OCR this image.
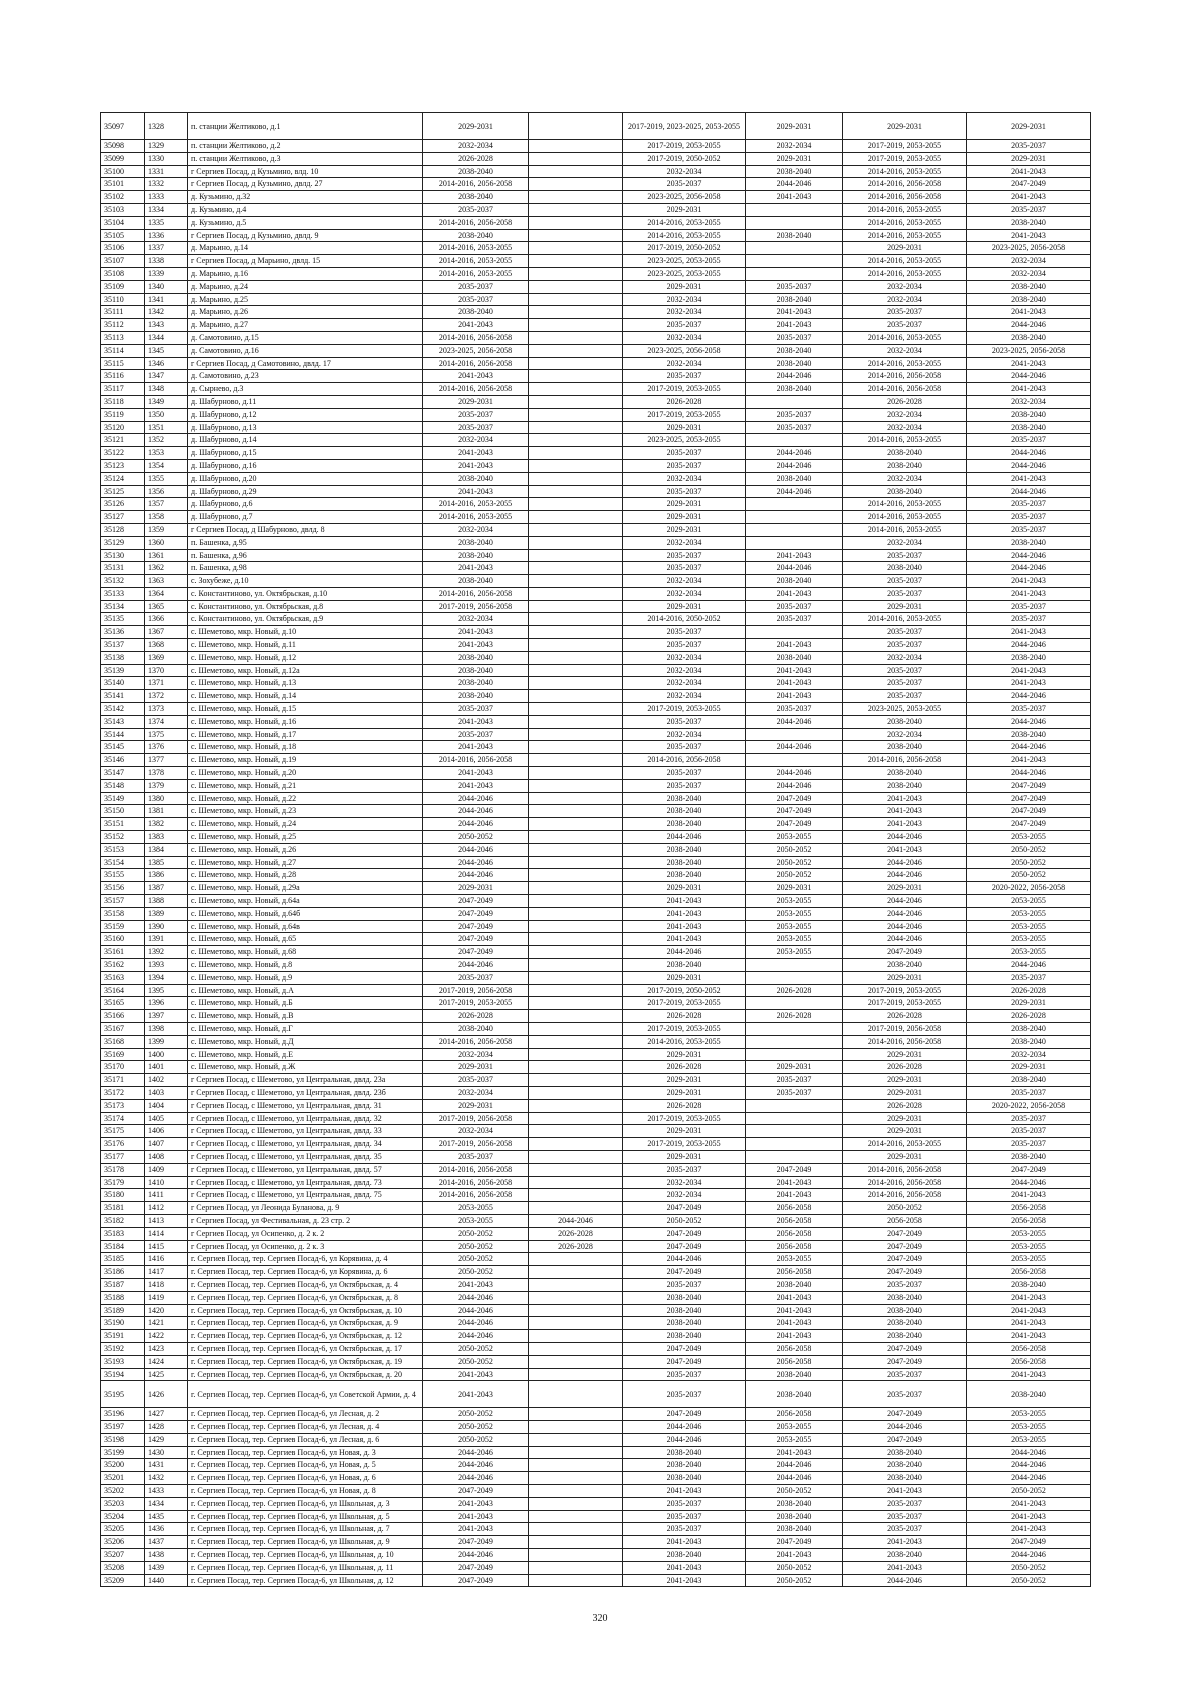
35097	1328	п. станции Желтиково, д.1	2029-2031		2017-2019, 2023-2025, 2053-2055	2029-2031	2029-2031	2029-2031
35098	1329	п. станции Желтиково, д.2	2032-2034		2017-2019, 2053-2055	2032-2034	2017-2019, 2053-2055	2035-2037
35099	1330	п. станции Желтиково, д.3	2026-2028		2017-2019, 2050-2052	2029-2031	2017-2019, 2053-2055	2029-2031
35100	1331	г Сергиев Посад, д Кузьмино, влд. 10	2038-2040		2032-2034	2038-2040	2014-2016, 2053-2055	2041-2043
35101	1332	г Сергиев Посад, д Кузьмино, двлд. 27	2014-2016, 2056-2058		2035-2037	2044-2046	2014-2016, 2056-2058	2047-2049
35102	1333	д. Кузьмино, д.32	2038-2040		2023-2025, 2056-2058	2041-2043	2014-2016, 2056-2058	2041-2043
35103	1334	д. Кузьмино, д.4	2035-2037		2029-2031		2014-2016, 2053-2055	2035-2037
35104	1335	д. Кузьмино, д.5	2014-2016, 2056-2058		2014-2016, 2053-2055		2014-2016, 2053-2055	2038-2040
35105	1336	г Сергиев Посад, д Кузьмино, двлд. 9	2038-2040		2014-2016, 2053-2055	2038-2040	2014-2016, 2053-2055	2041-2043
35106	1337	д. Марьино, д.14	2014-2016, 2053-2055		2017-2019, 2050-2052		2029-2031	2023-2025, 2056-2058
35107	1338	г Сергиев Посад, д Марьино, двлд. 15	2014-2016, 2053-2055		2023-2025, 2053-2055		2014-2016, 2053-2055	2032-2034
35108	1339	д. Марьино, д.16	2014-2016, 2053-2055		2023-2025, 2053-2055		2014-2016, 2053-2055	2032-2034
35109	1340	д. Марьино, д.24	2035-2037		2029-2031	2035-2037	2032-2034	2038-2040
35110	1341	д. Марьино, д.25	2035-2037		2032-2034	2038-2040	2032-2034	2038-2040
35111	1342	д. Марьино, д.26	2038-2040		2032-2034	2041-2043	2035-2037	2041-2043
35112	1343	д. Марьино, д.27	2041-2043		2035-2037	2041-2043	2035-2037	2044-2046
35113	1344	д. Самотовино, д.15	2014-2016, 2056-2058		2032-2034	2035-2037	2014-2016, 2053-2055	2038-2040
35114	1345	д. Самотовино, д.16	2023-2025, 2056-2058		2023-2025, 2056-2058	2038-2040	2032-2034	2023-2025, 2056-2058
35115	1346	г Сергиев Посад, д Самотовино, двлд. 17	2014-2016, 2056-2058		2032-2034	2038-2040	2014-2016, 2053-2055	2041-2043
35116	1347	д. Самотовино, д.23	2041-2043		2035-2037	2044-2046	2014-2016, 2056-2058	2044-2046
35117	1348	д. Сырнево, д.3	2014-2016, 2056-2058		2017-2019, 2053-2055	2038-2040	2014-2016, 2056-2058	2041-2043
35118	1349	д. Шабурново, д.11	2029-2031		2026-2028		2026-2028	2032-2034
35119	1350	д. Шабурново, д.12	2035-2037		2017-2019, 2053-2055	2035-2037	2032-2034	2038-2040
35120	1351	д. Шабурново, д.13	2035-2037		2029-2031	2035-2037	2032-2034	2038-2040
35121	1352	д. Шабурново, д.14	2032-2034		2023-2025, 2053-2055		2014-2016, 2053-2055	2035-2037
35122	1353	д. Шабурново, д.15	2041-2043		2035-2037	2044-2046	2038-2040	2044-2046
35123	1354	д. Шабурново, д.16	2041-2043		2035-2037	2044-2046	2038-2040	2044-2046
35124	1355	д. Шабурново, д.20	2038-2040		2032-2034	2038-2040	2032-2034	2041-2043
35125	1356	д. Шабурново, д.29	2041-2043		2035-2037	2044-2046	2038-2040	2044-2046
35126	1357	д. Шабурново, д.6	2014-2016, 2053-2055		2029-2031		2014-2016, 2053-2055	2035-2037
35127	1358	д. Шабурново, д.7	2014-2016, 2053-2055		2029-2031		2014-2016, 2053-2055	2035-2037
35128	1359	г Сергиев Посад, д Шабурново, двлд. 8	2032-2034		2029-2031		2014-2016, 2053-2055	2035-2037
35129	1360	п. Башенка, д.95	2038-2040		2032-2034		2032-2034	2038-2040
35130	1361	п. Башенка, д.96	2038-2040		2035-2037	2041-2043	2035-2037	2044-2046
35131	1362	п. Башенка, д.98	2041-2043		2035-2037	2044-2046	2038-2040	2044-2046
35132	1363	с. Зохубеже, д.10	2038-2040		2032-2034	2038-2040	2035-2037	2041-2043
35133	1364	с. Константиново, ул. Октябрьская, д.10	2014-2016, 2056-2058		2032-2034	2041-2043	2035-2037	2041-2043
35134	1365	с. Константиново, ул. Октябрьская, д.8	2017-2019, 2056-2058		2029-2031	2035-2037	2029-2031	2035-2037
35135	1366	с. Константиново, ул. Октябрьская, д.9	2032-2034		2014-2016, 2050-2052	2035-2037	2014-2016, 2053-2055	2035-2037
35136	1367	с. Шеметово, мкр. Новый, д.10	2041-2043		2035-2037		2035-2037	2041-2043
35137	1368	с. Шеметово, мкр. Новый, д.11	2041-2043		2035-2037	2041-2043	2035-2037	2044-2046
35138	1369	с. Шеметово, мкр. Новый, д.12	2038-2040		2032-2034	2038-2040	2032-2034	2038-2040
35139	1370	с. Шеметово, мкр. Новый, д.12а	2038-2040		2032-2034	2041-2043	2035-2037	2041-2043
35140	1371	с. Шеметово, мкр. Новый, д.13	2038-2040		2032-2034	2041-2043	2035-2037	2041-2043
35141	1372	с. Шеметово, мкр. Новый, д.14	2038-2040		2032-2034	2041-2043	2035-2037	2044-2046
35142	1373	с. Шеметово, мкр. Новый, д.15	2035-2037		2017-2019, 2053-2055	2035-2037	2023-2025, 2053-2055	2035-2037
35143	1374	с. Шеметово, мкр. Новый, д.16	2041-2043		2035-2037	2044-2046	2038-2040	2044-2046
35144	1375	с. Шеметово, мкр. Новый, д.17	2035-2037		2032-2034		2032-2034	2038-2040
35145	1376	с. Шеметово, мкр. Новый, д.18	2041-2043		2035-2037	2044-2046	2038-2040	2044-2046
35146	1377	с. Шеметово, мкр. Новый, д.19	2014-2016, 2056-2058		2014-2016, 2056-2058		2014-2016, 2056-2058	2041-2043
35147	1378	с. Шеметово, мкр. Новый, д.20	2041-2043		2035-2037	2044-2046	2038-2040	2044-2046
35148	1379	с. Шеметово, мкр. Новый, д.21	2041-2043		2035-2037	2044-2046	2038-2040	2047-2049
35149	1380	с. Шеметово, мкр. Новый, д.22	2044-2046		2038-2040	2047-2049	2041-2043	2047-2049
35150	1381	с. Шеметово, мкр. Новый, д.23	2044-2046		2038-2040	2047-2049	2041-2043	2047-2049
35151	1382	с. Шеметово, мкр. Новый, д.24	2044-2046		2038-2040	2047-2049	2041-2043	2047-2049
35152	1383	с. Шеметово, мкр. Новый, д.25	2050-2052		2044-2046	2053-2055	2044-2046	2053-2055
35153	1384	с. Шеметово, мкр. Новый, д.26	2044-2046		2038-2040	2050-2052	2041-2043	2050-2052
35154	1385	с. Шеметово, мкр. Новый, д.27	2044-2046		2038-2040	2050-2052	2044-2046	2050-2052
35155	1386	с. Шеметово, мкр. Новый, д.28	2044-2046		2038-2040	2050-2052	2044-2046	2050-2052
35156	1387	с. Шеметово, мкр. Новый, д.29а	2029-2031		2029-2031	2029-2031	2029-2031	2020-2022, 2056-2058
35157	1388	с. Шеметово, мкр. Новый, д.64а	2047-2049		2041-2043	2053-2055	2044-2046	2053-2055
35158	1389	с. Шеметово, мкр. Новый, д.64б	2047-2049		2041-2043	2053-2055	2044-2046	2053-2055
35159	1390	с. Шеметово, мкр. Новый, д.64в	2047-2049		2041-2043	2053-2055	2044-2046	2053-2055
35160	1391	с. Шеметово, мкр. Новый, д.65	2047-2049		2041-2043	2053-2055	2044-2046	2053-2055
35161	1392	с. Шеметово, мкр. Новый, д.68	2047-2049		2044-2046	2053-2055	2047-2049	2053-2055
35162	1393	с. Шеметово, мкр. Новый, д.8	2044-2046		2038-2040		2038-2040	2044-2046
35163	1394	с. Шеметово, мкр. Новый, д.9	2035-2037		2029-2031		2029-2031	2035-2037
35164	1395	с. Шеметово, мкр. Новый, д.А	2017-2019, 2056-2058		2017-2019, 2050-2052	2026-2028	2017-2019, 2053-2055	2026-2028
35165	1396	с. Шеметово, мкр. Новый, д.Б	2017-2019, 2053-2055		2017-2019, 2053-2055		2017-2019, 2053-2055	2029-2031
35166	1397	с. Шеметово, мкр. Новый, д.В	2026-2028		2026-2028	2026-2028	2026-2028	2026-2028
35167	1398	с. Шеметово, мкр. Новый, д.Г	2038-2040		2017-2019, 2053-2055		2017-2019, 2056-2058	2038-2040
35168	1399	с. Шеметово, мкр. Новый, д.Д	2014-2016, 2056-2058		2014-2016, 2053-2055		2014-2016, 2056-2058	2038-2040
35169	1400	с. Шеметово, мкр. Новый, д.Е	2032-2034		2029-2031		2029-2031	2032-2034
35170	1401	с. Шеметово, мкр. Новый, д.Ж	2029-2031		2026-2028	2029-2031	2026-2028	2029-2031
35171	1402	г Сергиев Посад, с Шеметово, ул Центральная, двлд. 23а	2035-2037		2029-2031	2035-2037	2029-2031	2038-2040
35172	1403	г Сергиев Посад, с Шеметово, ул Центральная, двлд. 23б	2032-2034		2029-2031	2035-2037	2029-2031	2035-2037
35173	1404	г Сергиев Посад, с Шеметово, ул Центральная, двлд. 31	2029-2031		2026-2028		2026-2028	2020-2022, 2056-2058
35174	1405	г Сергиев Посад, с Шеметово, ул Центральная, двлд. 32	2017-2019, 2056-2058		2017-2019, 2053-2055		2029-2031	2035-2037
35175	1406	г Сергиев Посад, с Шеметово, ул Центральная, двлд. 33	2032-2034		2029-2031		2029-2031	2035-2037
35176	1407	г Сергиев Посад, с Шеметово, ул Центральная, двлд. 34	2017-2019, 2056-2058		2017-2019, 2053-2055		2014-2016, 2053-2055	2035-2037
35177	1408	г Сергиев Посад, с Шеметово, ул Центральная, двлд. 35	2035-2037		2029-2031		2029-2031	2038-2040
35178	1409	г Сергиев Посад, с Шеметово, ул Центральная, двлд. 57	2014-2016, 2056-2058		2035-2037	2047-2049	2014-2016, 2056-2058	2047-2049
35179	1410	г Сергиев Посад, с Шеметово, ул Центральная, двлд. 73	2014-2016, 2056-2058		2032-2034	2041-2043	2014-2016, 2056-2058	2044-2046
35180	1411	г Сергиев Посад, с Шеметово, ул Центральная, двлд. 75	2014-2016, 2056-2058		2032-2034	2041-2043	2014-2016, 2056-2058	2041-2043
35181	1412	г Сергиев Посад, ул Леонида Буланова, д. 9	2053-2055		2047-2049	2056-2058	2050-2052	2056-2058
35182	1413	г Сергиев Посад, ул Фестивальная, д. 23 стр. 2	2053-2055	2044-2046	2050-2052	2056-2058	2056-2058	2056-2058
35183	1414	г Сергиев Посад, ул Осипенко, д. 2 к. 2	2050-2052	2026-2028	2047-2049	2056-2058	2047-2049	2053-2055
35184	1415	г Сергиев Посад, ул Осипенко, д. 2 к. 3	2050-2052	2026-2028	2047-2049	2056-2058	2047-2049	2053-2055
35185	1416	г. Сергиев Посад, тер. Сергиев Посад-6, ул Корявина, д. 4	2050-2052		2044-2046	2053-2055	2047-2049	2053-2055
35186	1417	г. Сергиев Посад, тер. Сергиев Посад-6, ул Корявина, д. 6	2050-2052		2047-2049	2056-2058	2047-2049	2056-2058
35187	1418	г. Сергиев Посад, тер. Сергиев Посад-6, ул Октябрьская, д. 4	2041-2043		2035-2037	2038-2040	2035-2037	2038-2040
35188	1419	г. Сергиев Посад, тер. Сергиев Посад-6, ул Октябрьская, д. 8	2044-2046		2038-2040	2041-2043	2038-2040	2041-2043
35189	1420	г. Сергиев Посад, тер. Сергиев Посад-6, ул Октябрьская, д. 10	2044-2046		2038-2040	2041-2043	2038-2040	2041-2043
35190	1421	г. Сергиев Посад, тер. Сергиев Посад-6, ул Октябрьская, д. 9	2044-2046		2038-2040	2041-2043	2038-2040	2041-2043
35191	1422	г. Сергиев Посад, тер. Сергиев Посад-6, ул Октябрьская, д. 12	2044-2046		2038-2040	2041-2043	2038-2040	2041-2043
35192	1423	г. Сергиев Посад, тер. Сергиев Посад-6, ул Октябрьская, д. 17	2050-2052		2047-2049	2056-2058	2047-2049	2056-2058
35193	1424	г. Сергиев Посад, тер. Сергиев Посад-6, ул Октябрьская, д. 19	2050-2052		2047-2049	2056-2058	2047-2049	2056-2058
35194	1425	г. Сергиев Посад, тер. Сергиев Посад-6, ул Октябрьская, д. 20	2041-2043		2035-2037	2038-2040	2035-2037	2041-2043
35195	1426	г. Сергиев Посад, тер. Сергиев Посад-6, ул Советской Армии, д. 4	2041-2043		2035-2037	2038-2040	2035-2037	2038-2040
35196	1427	г. Сергиев Посад, тер. Сергиев Посад-6, ул Лесная, д. 2	2050-2052		2047-2049	2056-2058	2047-2049	2053-2055
35197	1428	г. Сергиев Посад, тер. Сергиев Посад-6, ул Лесная, д. 4	2050-2052		2044-2046	2053-2055	2044-2046	2053-2055
35198	1429	г. Сергиев Посад, тер. Сергиев Посад-6, ул Лесная, д. 6	2050-2052		2044-2046	2053-2055	2047-2049	2053-2055
35199	1430	г. Сергиев Посад, тер. Сергиев Посад-6, ул Новая, д. 3	2044-2046		2038-2040	2041-2043	2038-2040	2044-2046
35200	1431	г. Сергиев Посад, тер. Сергиев Посад-6, ул Новая, д. 5	2044-2046		2038-2040	2044-2046	2038-2040	2044-2046
35201	1432	г. Сергиев Посад, тер. Сергиев Посад-6, ул Новая, д. 6	2044-2046		2038-2040	2044-2046	2038-2040	2044-2046
35202	1433	г. Сергиев Посад, тер. Сергиев Посад-6, ул Новая, д. 8	2047-2049		2041-2043	2050-2052	2041-2043	2050-2052
35203	1434	г. Сергиев Посад, тер. Сергиев Посад-6, ул Школьная, д. 3	2041-2043		2035-2037	2038-2040	2035-2037	2041-2043
35204	1435	г. Сергиев Посад, тер. Сергиев Посад-6, ул Школьная, д. 5	2041-2043		2035-2037	2038-2040	2035-2037	2041-2043
35205	1436	г. Сергиев Посад, тер. Сергиев Посад-6, ул Школьная, д. 7	2041-2043		2035-2037	2038-2040	2035-2037	2041-2043
35206	1437	г. Сергиев Посад, тер. Сергиев Посад-6, ул Школьная, д. 9	2047-2049		2041-2043	2047-2049	2041-2043	2047-2049
35207	1438	г. Сергиев Посад, тер. Сергиев Посад-6, ул Школьная, д. 10	2044-2046		2038-2040	2041-2043	2038-2040	2044-2046
35208	1439	г. Сергиев Посад, тер. Сергиев Посад-6, ул Школьная, д. 11	2047-2049		2041-2043	2050-2052	2041-2043	2050-2052
35209	1440	г. Сергиев Посад, тер. Сергиев Посад-6, ул Школьная, д. 12	2047-2049		2041-2043	2050-2052	2044-2046	2050-2052
320
